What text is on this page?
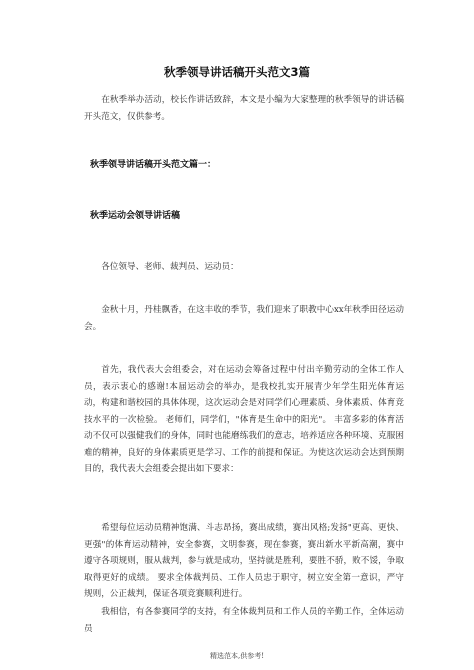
秋季领导讲话稿开头范文3篇

在秋季举办活动，校长作讲话致辞，本文是小编为大家整理的秋季领导的讲话稿开头范文，仅供参考。

秋季领导讲话稿开头范文篇一：
秋季运动会领导讲话稿

各位领导、老师、裁判员、运动员：

金秋十月，丹桂飘香，在这丰收的季节，我们迎来了职教中心xx年秋季田径运动会。

首先，我代表大会组委会，对在运动会筹备过程中付出辛勤劳动的全体工作人员，表示衷心的感谢!本届运动会的举办，是我校扎实开展青少年学生阳光体育运动，构建和谐校园的具体体现，这次运动会是对同学们心理素质、身体素质、体育竞技水平的一次检验。 老师们，同学们，"体育是生命中的阳光"。 丰富多彩的体育活动不仅可以强健我们的身体，同时也能磨练我们的意志，培养适应各种环境、克服困难的精神，良好的身体素质更是学习、工作的前提和保证。为使这次运动会达到预期目的，我代表大会组委会提出如下要求：

希望每位运动员精神饱满、斗志昂扬，赛出成绩，赛出风格;发扬"更高、更快、更强"的体育运动精神，安全参赛，文明参赛，现在参赛，赛出新水平新高潮，赛中遵守各项规则，服从裁判，参与就是成功，坚持就是胜利，要胜不骄，败不馁，争取取得更好的成绩。 要求全体裁判员、工作人员忠于职守，树立安全第一意识，严守规则，公正裁判，保证各项竞赛顺利进行。

我相信，有各参赛同学的支持，有全体裁判员和工作人员的辛勤工作，全体运动员

精选范本,供参考!
